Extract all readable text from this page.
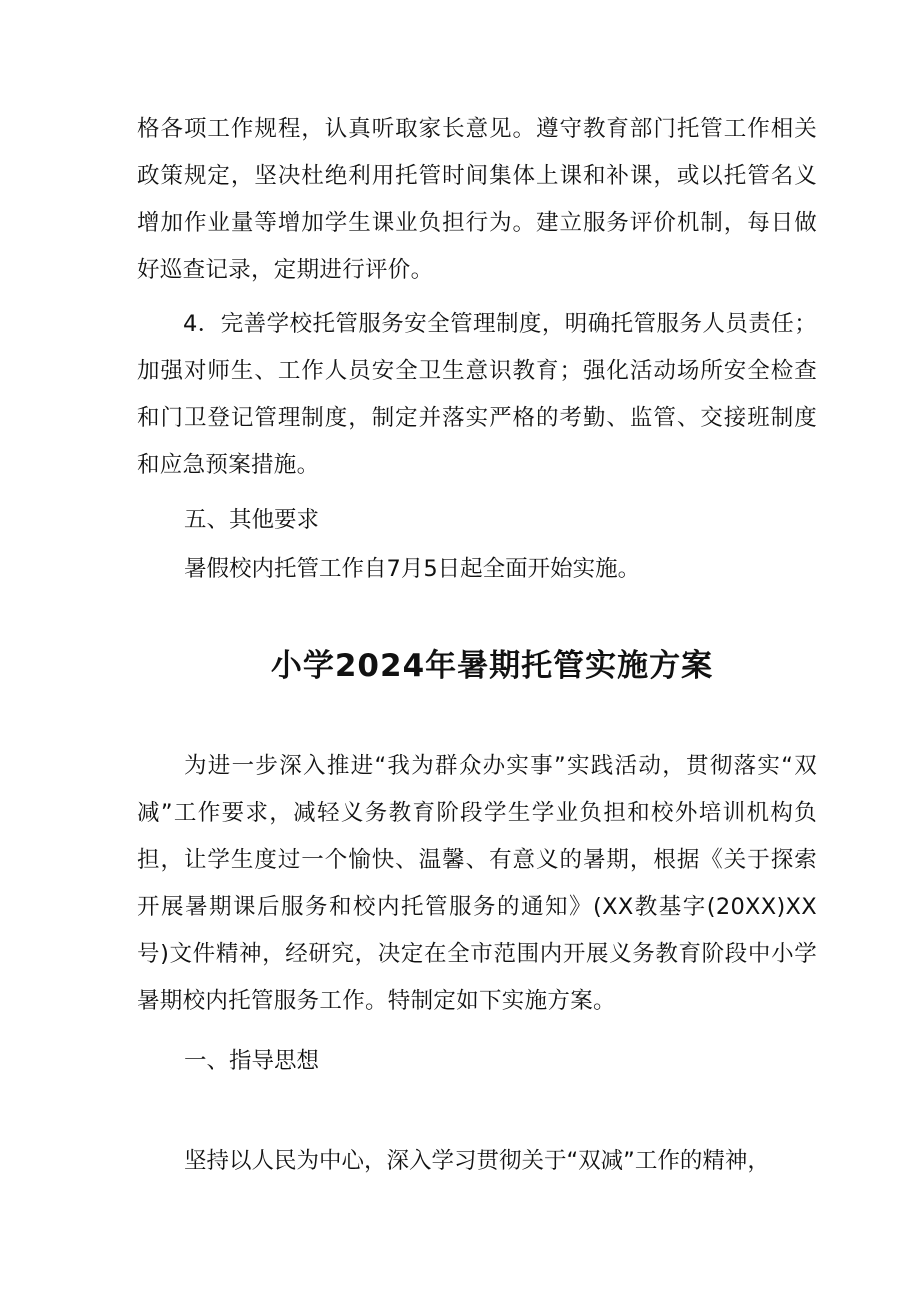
格各项工作规程，认真听取家长意见。遵守教育部门托管工作相关政策规定，坚决杜绝利用托管时间集体上课和补课，或以托管名义增加作业量等增加学生课业负担行为。建立服务评价机制，每日做好巡查记录，定期进行评价。

4．完善学校托管服务安全管理制度，明确托管服务人员责任；加强对师生、工作人员安全卫生意识教育；强化活动场所安全检查和门卫登记管理制度，制定并落实严格的考勤、监管、交接班制度和应急预案措施。

五、其他要求

暑假校内托管工作自7月5日起全面开始实施。

小学2024年暑期托管实施方案

为进一步深入推进“我为群众办实事”实践活动，贯彻落实“双减”工作要求，减轻义务教育阶段学生学业负担和校外培训机构负担，让学生度过一个愉快、温馨、有意义的暑期，根据《关于探索开展暑期课后服务和校内托管服务的通知》(XX教基字(20XX)XX号)文件精神，经研究，决定在全市范围内开展义务教育阶段中小学暑期校内托管服务工作。特制定如下实施方案。

一、指导思想

坚持以人民为中心，深入学习贯彻关于“双减”工作的精神，
